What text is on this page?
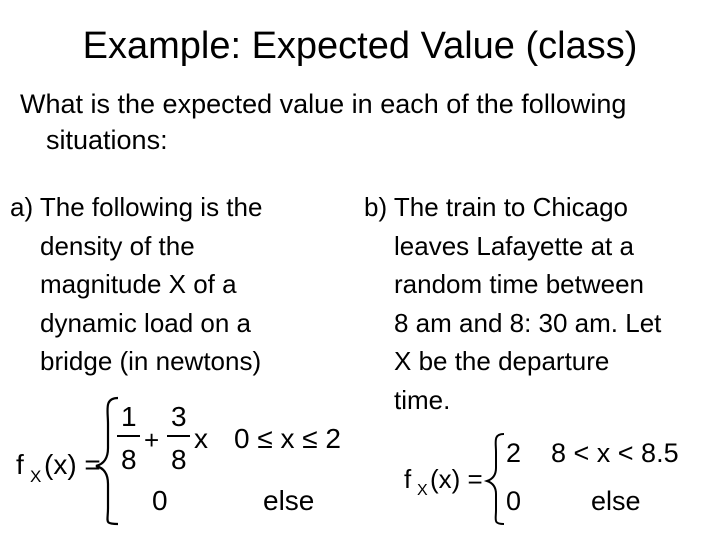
Example: Expected Value (class)
What is the expected value in each of the following
situations:
a) The following is the
density of the
magnitude X of a
dynamic load on a
bridge (in newtons)
b) The train to Chicago
leaves Lafayette at a
random time between
8 am and 8: 30 am. Let
X be the departure
time.
f X (x) =
1
8
+
3
8
x 0 ≤ x ≤ 2
0	else
f X (x) =
2 8 < x < 8.5
0	else
